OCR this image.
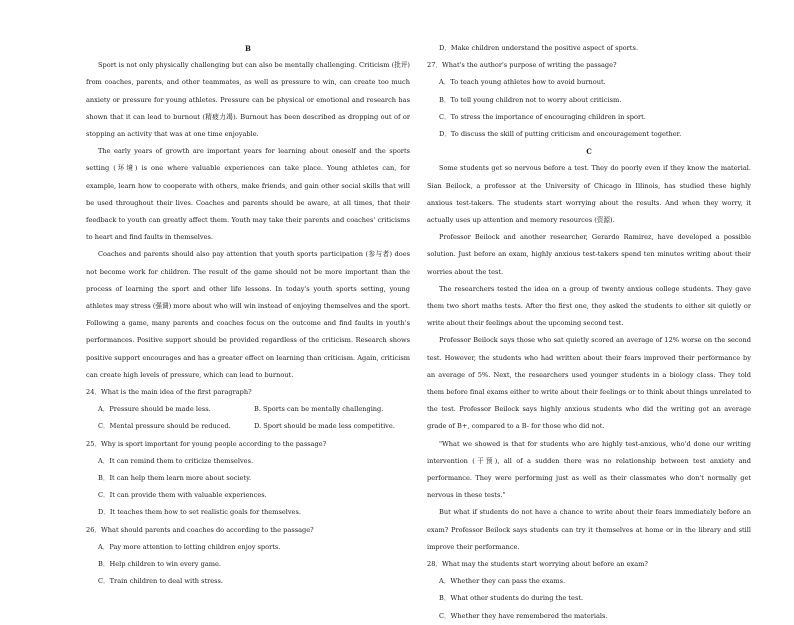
B

Sport is not only physically challenging but can also be mentally challenging. Criticism (批评) from coaches, parents, and other teammates, as well as pressure to win, can create too much anxiety or pressure for young athletes. Pressure can be physical or emotional and research has shown that it can lead to burnout (精疲力竭). Burnout has been described as dropping out of or stopping an activity that was at one time enjoyable.

The early years of growth are important years for learning about oneself and the sports setting (环境) is one where valuable experiences can take place. Young athletes can, for example, learn how to cooperate with others, make friends, and gain other social skills that will be used throughout their lives. Coaches and parents should be aware, at all times, that their feedback to youth can greatly affect them. Youth may take their parents and coaches' criticisms to heart and find faults in themselves.

Coaches and parents should also pay attention that youth sports participation (参与者) does not become work for children. The result of the game should not be more important than the process of learning the sport and other life lessons. In today's youth sports setting, young athletes may stress (强调) more about who will win instead of enjoying themselves and the sport. Following a game, many parents and coaches focus on the outcome and find faults in youth's performances. Positive support should be provided regardless of the criticism. Research shows positive support encourages and has a greater effect on learning than criticism. Again, criticism can create high levels of pressure, which can lead to burnout.

24．What is the main idea of the first paragraph?

A．Pressure should be made less.	B. Sports can be mentally challenging.
C．Mental pressure should be reduced.	D. Sport should be made less competitive.

25．Why is sport important for young people according to the passage?

A．It can remind them to criticize themselves.

B．It can help them learn more about society.

C．It can provide them with valuable experiences.

D．It teaches them how to set realistic goals for themselves.

26．What should parents and coaches do according to the passage?

A．Pay more attention to letting children enjoy sports.

B．Help children to win every game.

C．Train children to deal with stress.

D．Make children understand the positive aspect of sports.

27．What's the author's purpose of writing the passage?

A．To teach young athletes how to avoid burnout.

B．To tell young children not to worry about criticism.

C．To stress the importance of encouraging children in sport.

D．To discuss the skill of putting criticism and encouragement together.

C

Some students get so nervous before a test. They do poorly even if they know the material. Sian Beilock, a professor at the University of Chicago in Illinois, has studied these highly anxious test-takers. The students start worrying about the results. And when they worry, it actually uses up attention and memory resources (资源).

Professor Beilock and another researcher, Gerardo Ramirez, have developed a possible solution. Just before an exam, highly anxious test-takers spend ten minutes writing about their worries about the test.

The researchers tested the idea on a group of twenty anxious college students. They gave them two short maths tests. After the first one, they asked the students to either sit quietly or write about their feelings about the upcoming second test.

Professor Beilock says those who sat quietly scored an average of 12% worse on the second test. However, the students who had written about their fears improved their performance by an average of 5%. Next, the researchers used younger students in a biology class. They told them before final exams either to write about their feelings or to think about things unrelated to the test. Professor Beilock says highly anxious students who did the writing got an average grade of B+, compared to a B- for those who did not.

"What we showed is that for students who are highly test-anxious, who'd done our writing intervention (干预), all of a sudden there was no relationship between test anxiety and performance. They were performing just as well as their classmates who don't normally get nervous in these tests."

But what if students do not have a chance to write about their fears immediately before an exam? Professor Beilock says students can try it themselves at home or in the library and still improve their performance.

28．What may the students start worrying about before an exam?

A．Whether they can pass the exams.

B．What other students do during the test.

C．Whether they have remembered the materials.
